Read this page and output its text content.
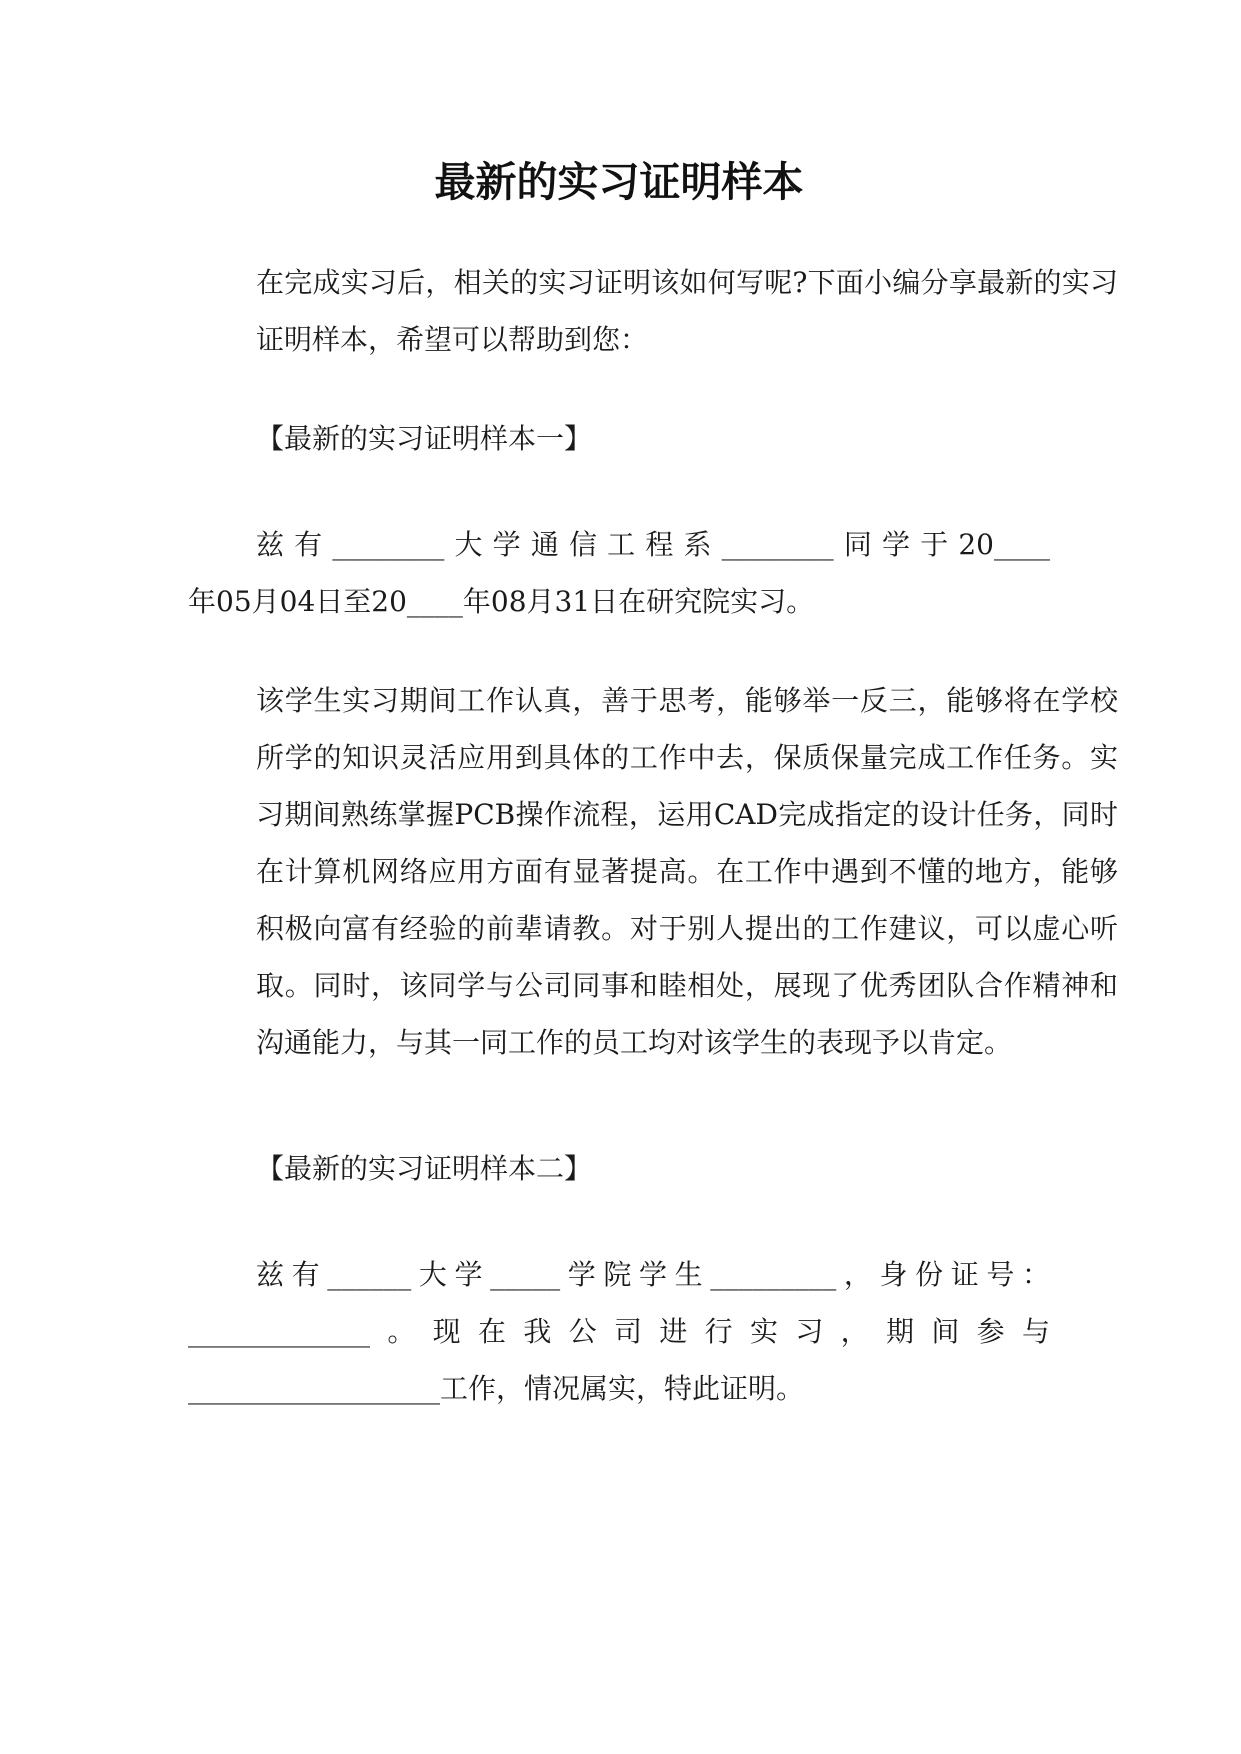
最新的实习证明样本

在完成实习后，相关的实习证明该如何写呢?下面小编分享最新的实习证明样本，希望可以帮助到您：

【最新的实习证明样本一】

兹有________大学通信工程系________同学于20____
年05月04日至20____年08月31日在研究院实习。

该学生实习期间工作认真，善于思考，能够举一反三，能够将在学校所学的知识灵活应用到具体的工作中去，保质保量完成工作任务。实习期间熟练掌握PCB操作流程，运用CAD完成指定的设计任务，同时在计算机网络应用方面有显著提高。在工作中遇到不懂的地方，能够积极向富有经验的前辈请教。对于别人提出的工作建议，可以虚心听取。同时，该同学与公司同事和睦相处，展现了优秀团队合作精神和沟通能力，与其一同工作的员工均对该学生的表现予以肯定。

【最新的实习证明样本二】

兹有______大学_____学院学生_________，身份证号：
_____________。现在我公司进行实习，期间参与
__________________工作，情况属实，特此证明。
